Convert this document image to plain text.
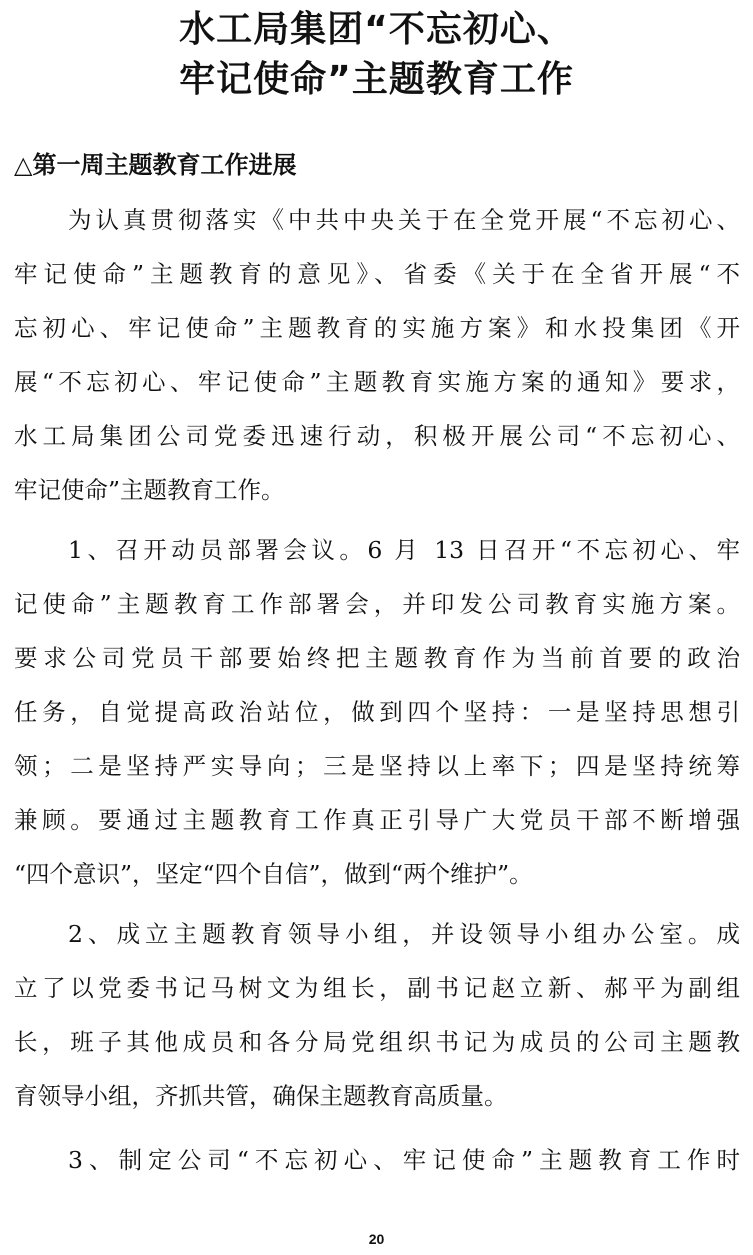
水工局集团“不忘初心、
牢记使命”主题教育工作
△第一周主题教育工作进展

为认真贯彻落实《中共中央关于在全党开展“不忘初心、

牢记使命”主题教育的意见》、省委《关于在全省开展“不

忘初心、牢记使命”主题教育的实施方案》和水投集团《开

展“不忘初心、牢记使命”主题教育实施方案的通知》要求，

水工局集团公司党委迅速行动，积极开展公司“不忘初心、

牢记使命”主题教育工作。

1、召开动员部署会议。6 月 13 日召开“不忘初心、牢

记使命”主题教育工作部署会，并印发公司教育实施方案。

要求公司党员干部要始终把主题教育作为当前首要的政治

任务，自觉提高政治站位，做到四个坚持：一是坚持思想引

领；二是坚持严实导向；三是坚持以上率下；四是坚持统筹

兼顾。要通过主题教育工作真正引导广大党员干部不断增强

“四个意识”，坚定“四个自信”，做到“两个维护”。

2、成立主题教育领导小组，并设领导小组办公室。成

立了以党委书记马树文为组长，副书记赵立新、郝平为副组

长，班子其他成员和各分局党组织书记为成员的公司主题教

育领导小组，齐抓共管，确保主题教育高质量。

3、制定公司“不忘初心、牢记使命”主题教育工作时

20
